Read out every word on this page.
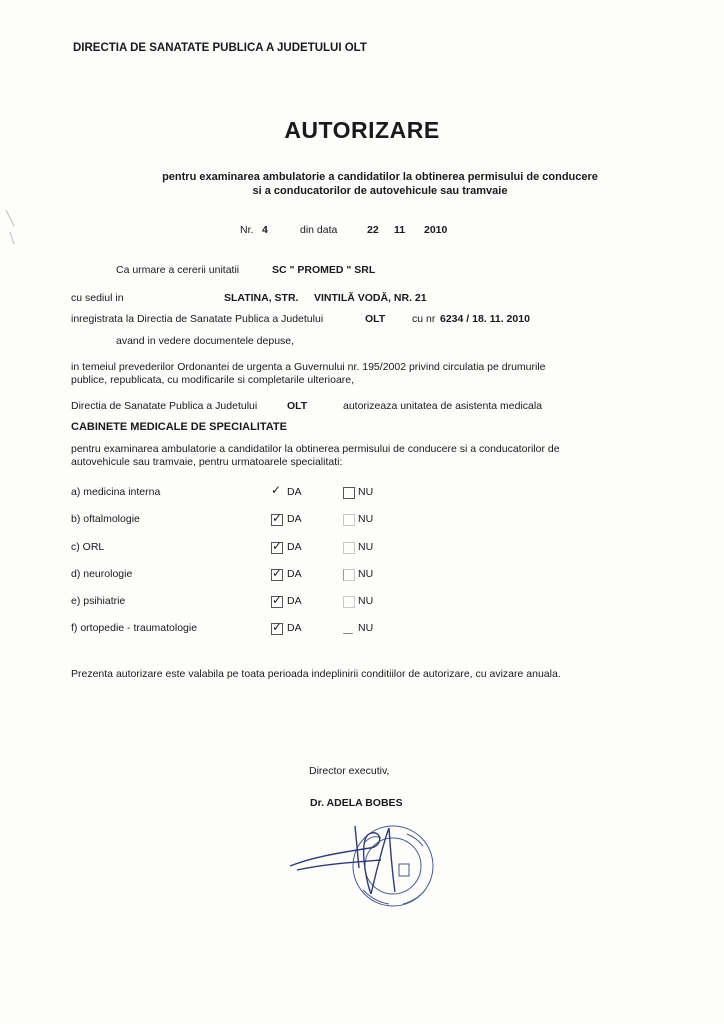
DIRECTIA DE SANATATE PUBLICA A JUDETULUI OLT
AUTORIZARE
pentru examinarea ambulatorie a candidatilor la obtinerea permisului de conducere
si a conducatorilor de autovehicule sau tramvaie
Nr. 4	din data	22 11 2010
Ca urmare a cererii unitatii	SC " PROMED " SRL
cu sediul in	SLATINA, STR. VINTILĂ VODĂ, NR. 21
inregistrata la Directia de Sanatate Publica a Judetului	OLT	cu nr 6234 / 18. 11. 2010
avand in vedere documentele depuse,
in temeiul prevederilor Ordonantei de urgenta a Guvernului nr. 195/2002 privind circulatia pe drumurile
publice, republicata, cu modificarile si completarile ulterioare,
Directia de Sanatate Publica a Judetului	OLT	autorizeaza unitatea de asistenta medicala
CABINETE MEDICALE DE SPECIALITATE
pentru examinarea ambulatorie a candidatilor la obtinerea permisului de conducere si a conducatorilor de
autovehicule sau tramvaie, pentru urmatoarele specialitati:
a) medicina interna ✓	DA	NU
b) oftalmologie ✓	DA	NU
c) ORL ✓	DA	NU
d) neurologie ✓	DA	NU
e) psihiatrie ✓	DA	NU
f) ortopedie - traumatologie ✓	DA	NU
Prezenta autorizare este valabila pe toata perioada indeplinirii conditiilor de autorizare, cu avizare anuala.
Director executiv,
Dr. ADELA BOBES
